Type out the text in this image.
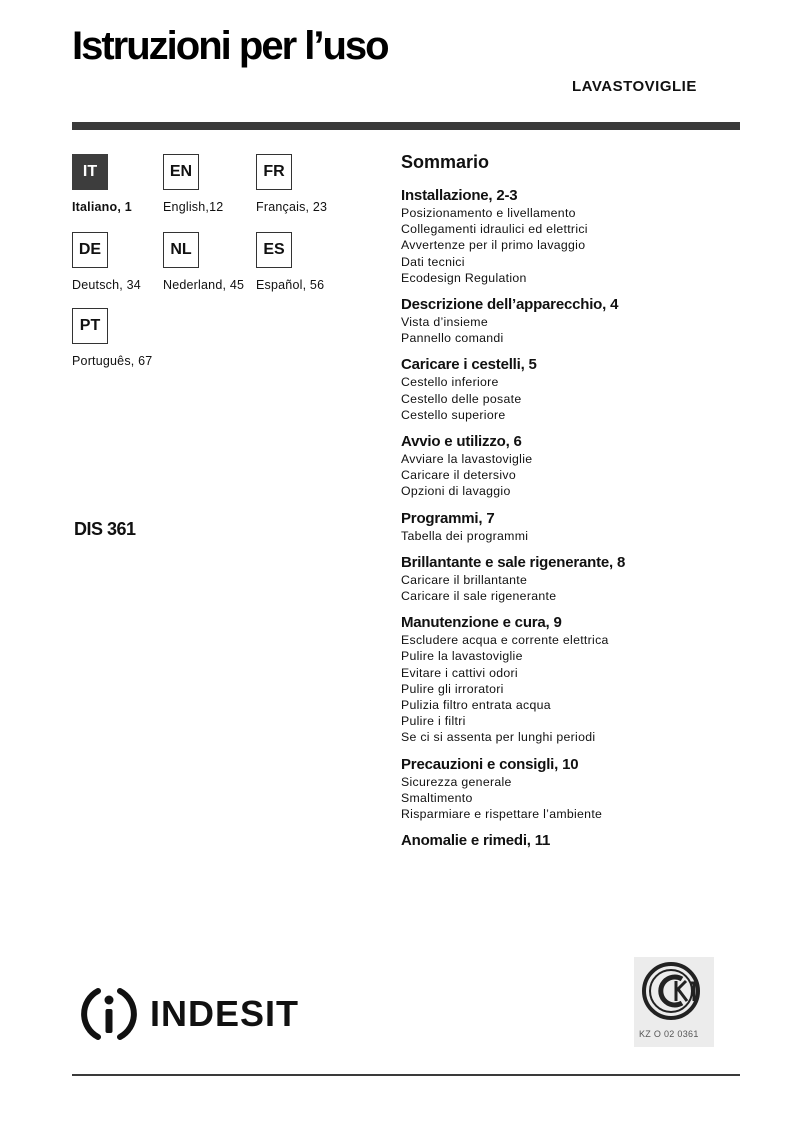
Istruzioni per l’uso
LAVASTOVIGLIE
IT
Italiano, 1
EN
English,12
FR
Français, 23
DE
Deutsch, 34
NL
Nederland, 45
ES
Español, 56
PT
Português, 67
DIS 361
Sommario
Installazione, 2-3
Posizionamento e livellamento
Collegamenti idraulici ed elettrici
Avvertenze per il primo lavaggio
Dati tecnici
Ecodesign Regulation
Descrizione dell’apparecchio, 4
Vista d’insieme
Pannello comandi
Caricare i cestelli, 5
Cestello inferiore
Cestello delle posate
Cestello superiore
Avvio e utilizzo, 6
Avviare la lavastoviglie
Caricare il detersivo
Opzioni di lavaggio
Programmi, 7
Tabella dei programmi
Brillantante e sale rigenerante, 8
Caricare il brillantante
Caricare il sale rigenerante
Manutenzione e cura, 9
Escludere acqua e corrente elettrica
Pulire la lavastoviglie
Evitare i cattivi odori
Pulire gli irroratori
Pulizia filtro entrata acqua
Pulire i filtri
Se ci si assenta per lunghi periodi
Precauzioni e consigli, 10
Sicurezza generale
Smaltimento
Risparmiare e rispettare l’ambiente
Anomalie e rimedi, 11
INDESIT	KZ O 02 0361
